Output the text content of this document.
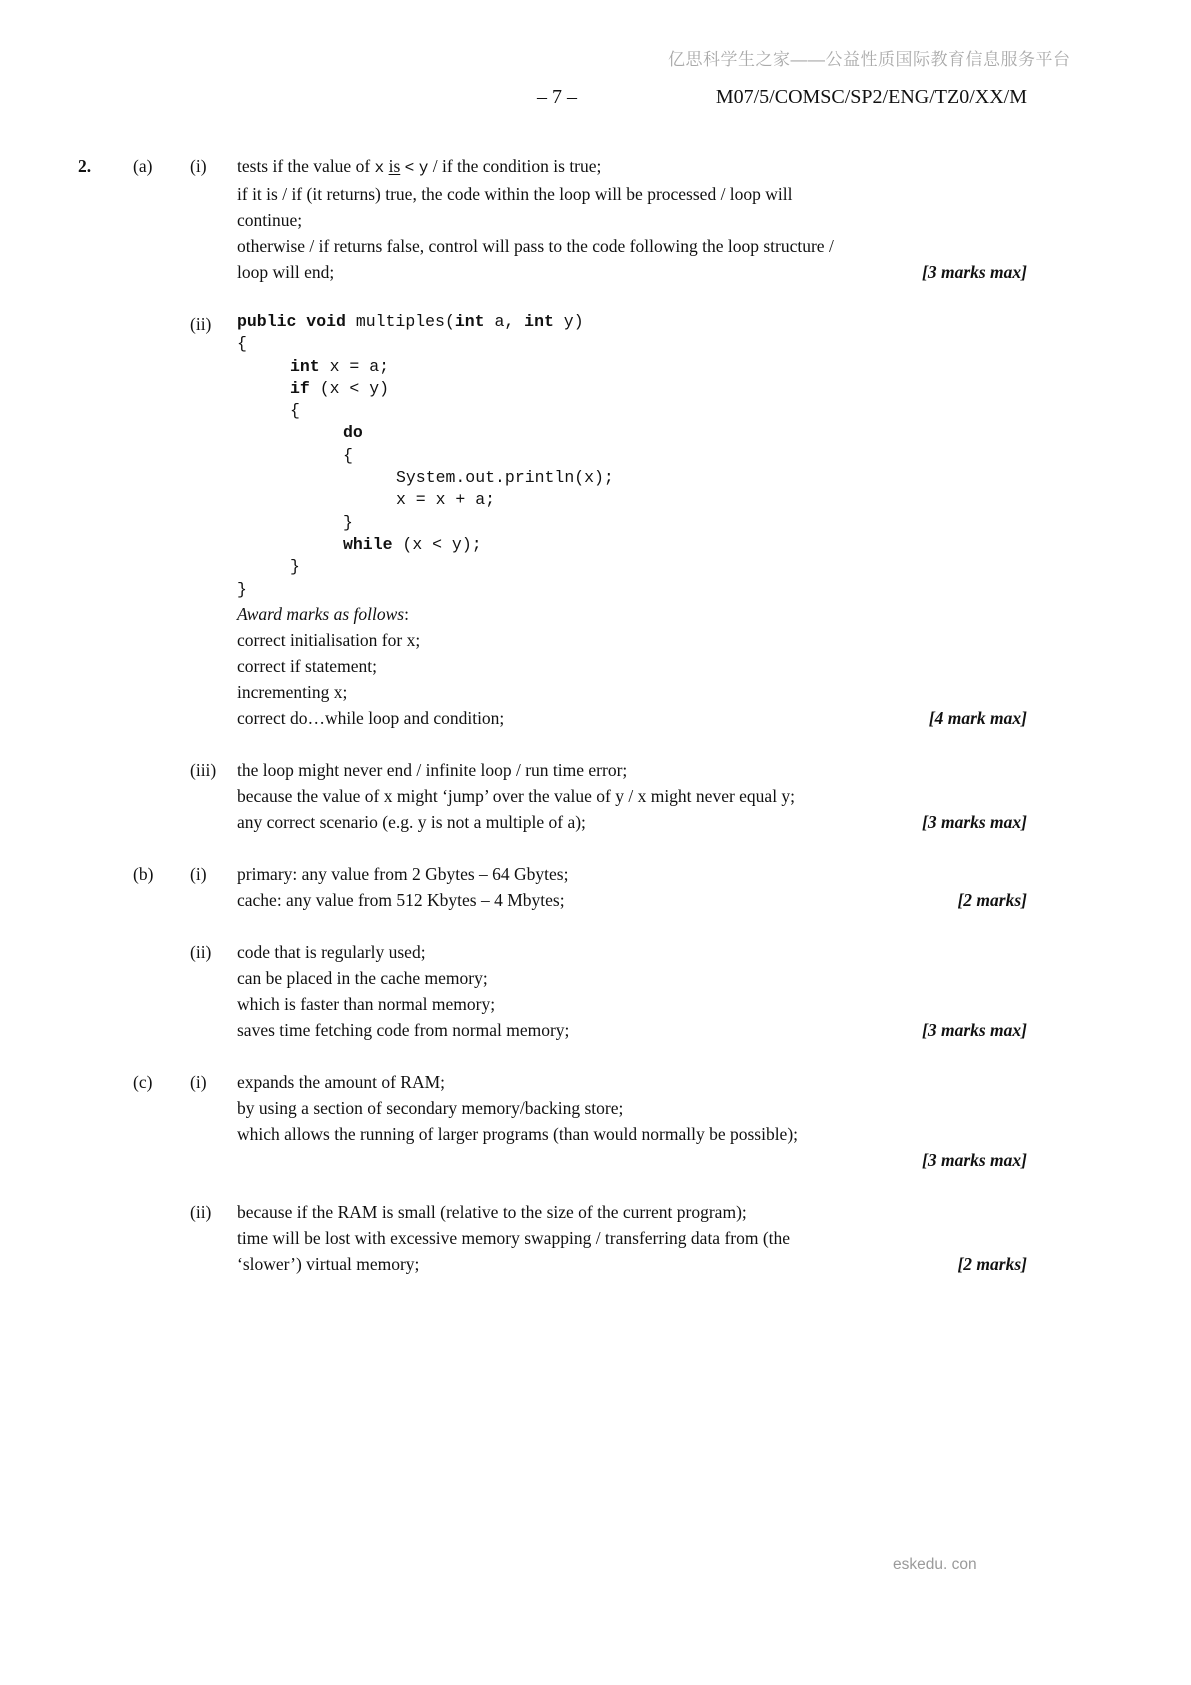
亿思科学生之家——公益性质国际教育信息服务平台
– 7 –	M07/5/COMSC/SP2/ENG/TZ0/XX/M
2.	(a)	(i)	tests if the value of x is < y / if the condition is true;
if it is / if (it returns) true, the code within the loop will be processed / loop will
continue;
otherwise / if returns false, control will pass to the code following the loop structure /
loop will end;	[3 marks max]
(ii)	public void multiples(int a, int y)
{
int x = a;
if (x < y)
{
do
{
System.out.println(x);
x = x + a;
}
while (x < y);
}
}
Award marks as follows:
correct initialisation for x;
correct if statement;
incrementing x;
correct do…while loop and condition;	[4 mark max]
(iii)	the loop might never end / infinite loop / run time error;
because the value of x might ‘jump’ over the value of y / x might never equal y;
any correct scenario (e.g. y is not a multiple of a);	[3 marks max]
(b)	(i)	primary: any value from 2 Gbytes – 64 Gbytes;
cache: any value from 512 Kbytes – 4 Mbytes;	[2 marks]
(ii)	code that is regularly used;
can be placed in the cache memory;
which is faster than normal memory;
saves time fetching code from normal memory;	[3 marks max]
(c)	(i)	expands the amount of RAM;
by using a section of secondary memory/backing store;
which allows the running of larger programs (than would normally be possible);
[3 marks max]
(ii)	because if the RAM is small (relative to the size of the current program);
time will be lost with excessive memory swapping / transferring data from (the
‘slower’) virtual memory;	[2 marks]
eskedu. con
